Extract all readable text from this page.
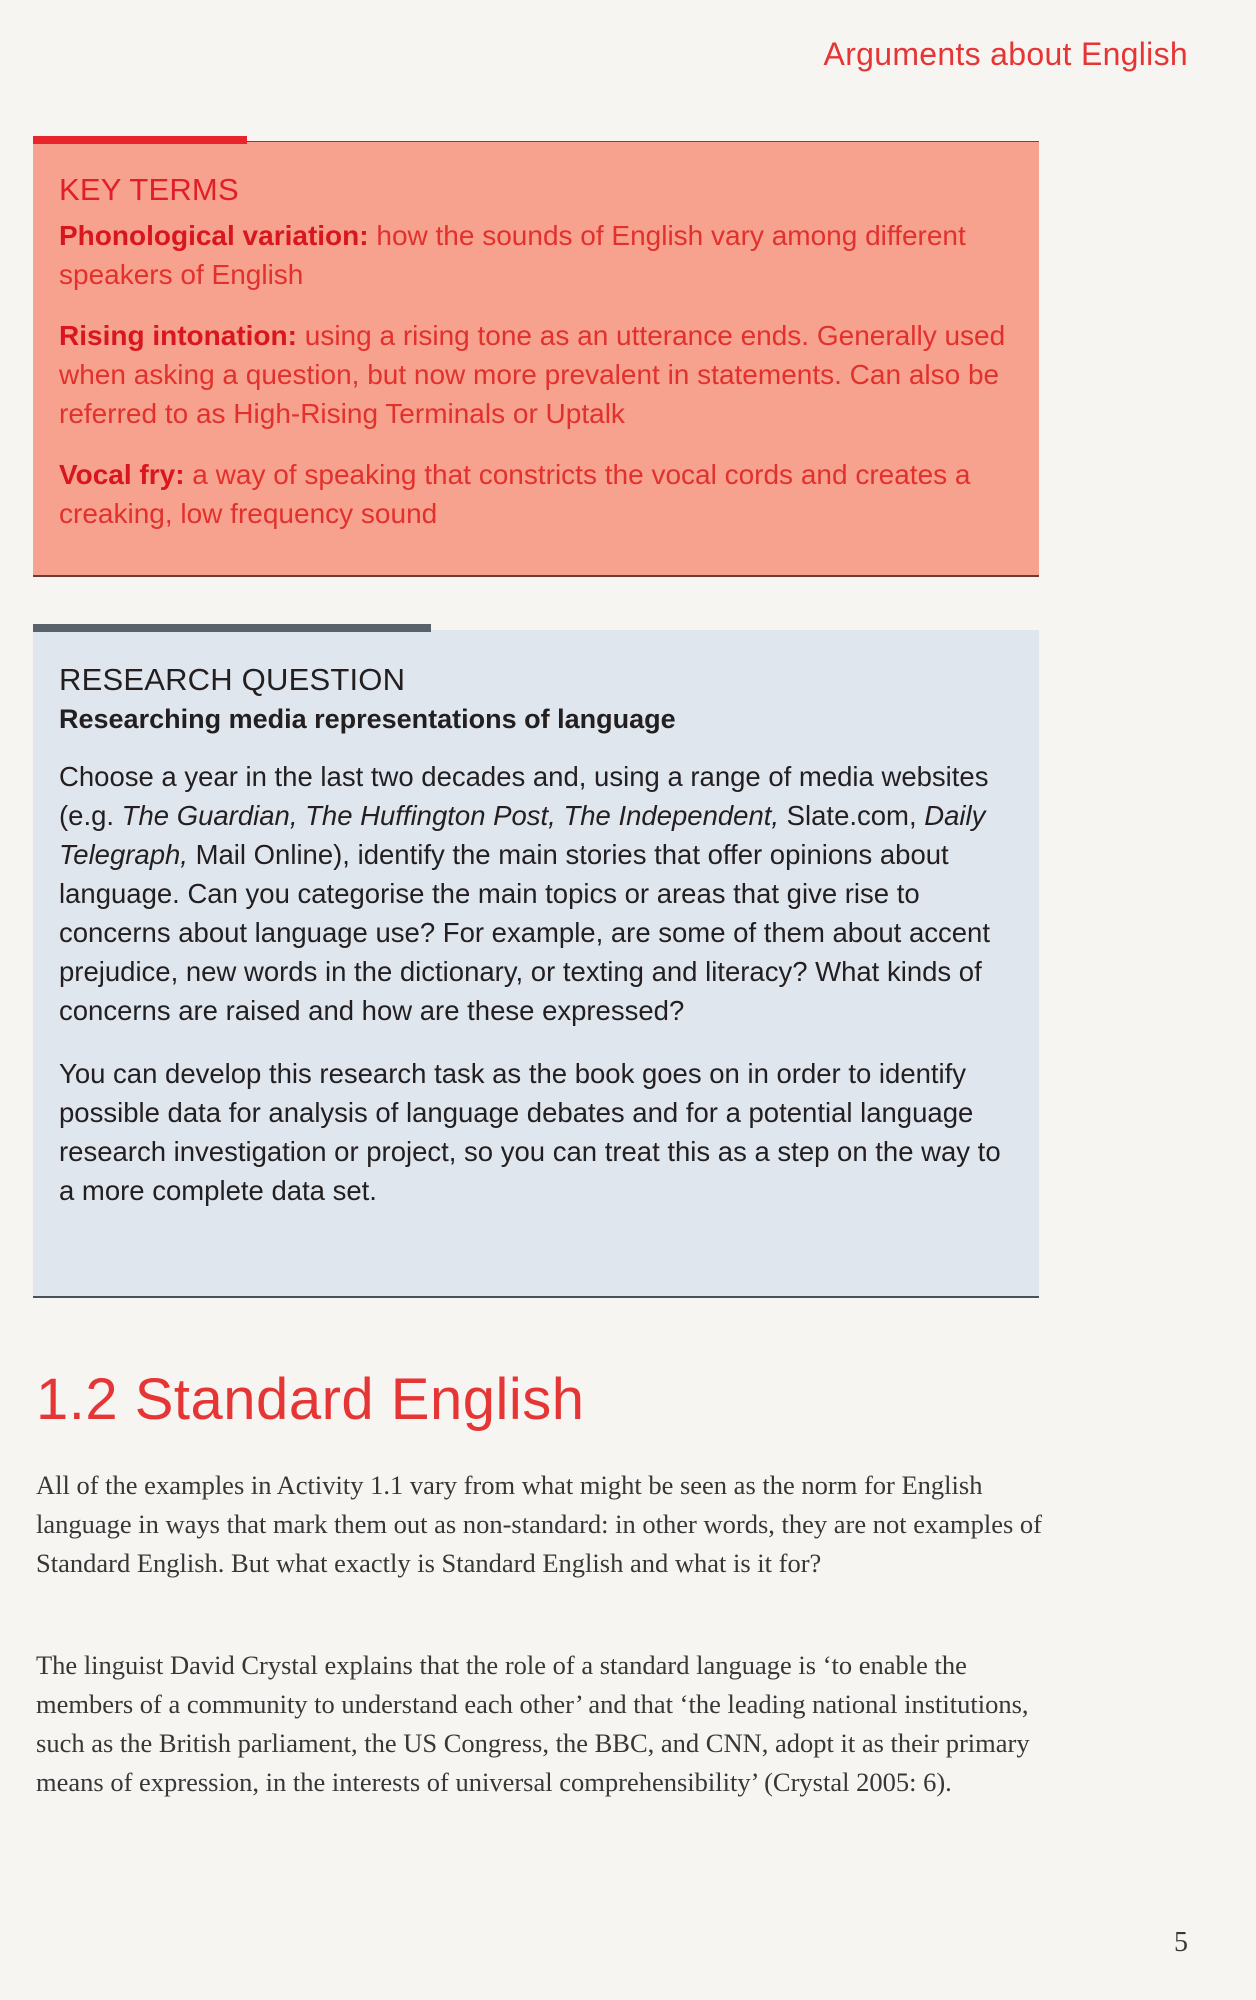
Arguments about English
KEY TERMS

Phonological variation: how the sounds of English vary among different speakers of English

Rising intonation: using a rising tone as an utterance ends. Generally used when asking a question, but now more prevalent in statements. Can also be referred to as High-Rising Terminals or Uptalk

Vocal fry: a way of speaking that constricts the vocal cords and creates a creaking, low frequency sound

RESEARCH QUESTION

Researching media representations of language

Choose a year in the last two decades and, using a range of media websites (e.g. The Guardian, The Huffington Post, The Independent, Slate.com, Daily Telegraph, Mail Online), identify the main stories that offer opinions about language. Can you categorise the main topics or areas that give rise to concerns about language use? For example, are some of them about accent prejudice, new words in the dictionary, or texting and literacy? What kinds of concerns are raised and how are these expressed?

You can develop this research task as the book goes on in order to identify possible data for analysis of language debates and for a potential language research investigation or project, so you can treat this as a step on the way to a more complete data set.

1.2 Standard English

All of the examples in Activity 1.1 vary from what might be seen as the norm for English language in ways that mark them out as non-standard: in other words, they are not examples of Standard English. But what exactly is Standard English and what is it for?

The linguist David Crystal explains that the role of a standard language is ‘to enable the members of a community to understand each other’ and that ‘the leading national institutions, such as the British parliament, the US Congress, the BBC, and CNN, adopt it as their primary means of expression, in the interests of universal comprehensibility’ (Crystal 2005: 6).

5
